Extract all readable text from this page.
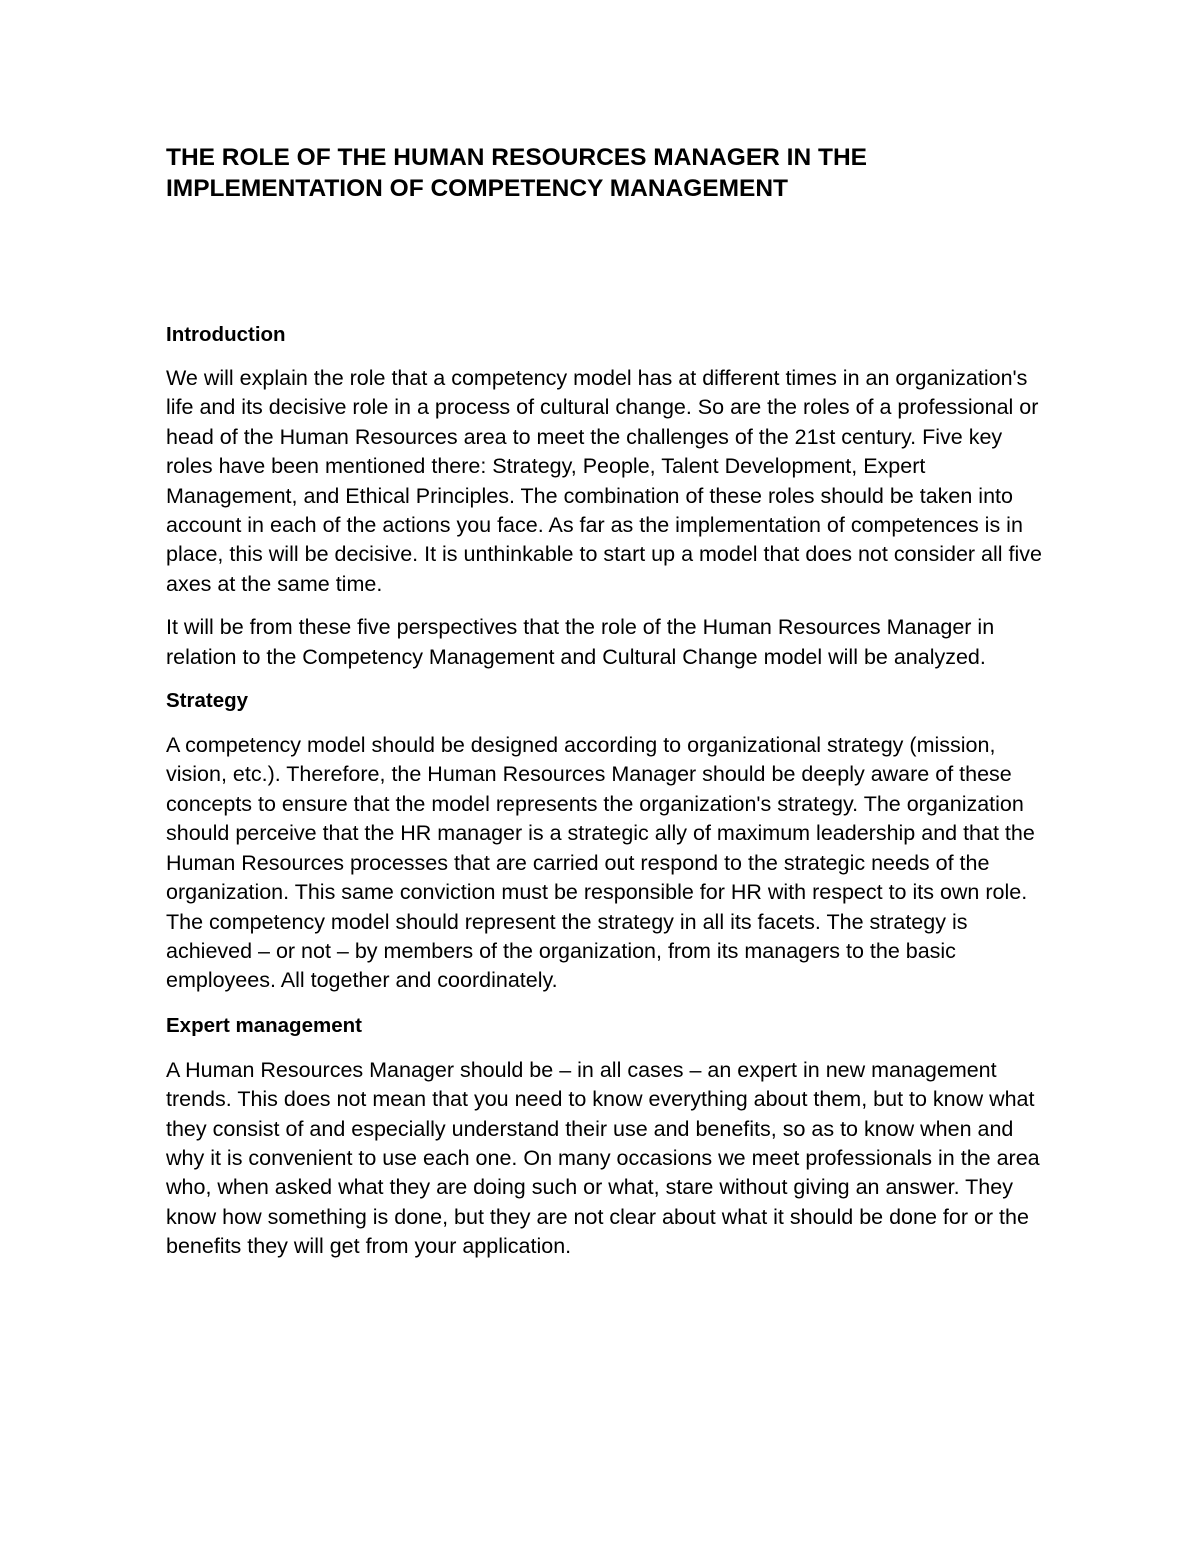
THE ROLE OF THE HUMAN RESOURCES MANAGER IN THE IMPLEMENTATION OF COMPETENCY MANAGEMENT
Introduction

We will explain the role that a competency model has at different times in an organization's life and its decisive role in a process of cultural change. So are the roles of a professional or head of the Human Resources area to meet the challenges of the 21st century. Five key roles have been mentioned there: Strategy, People, Talent Development, Expert Management, and Ethical Principles. The combination of these roles should be taken into account in each of the actions you face. As far as the implementation of competences is in place, this will be decisive. It is unthinkable to start up a model that does not consider all five axes at the same time.

It will be from these five perspectives that the role of the Human Resources Manager in relation to the Competency Management and Cultural Change model will be analyzed.

Strategy

A competency model should be designed according to organizational strategy (mission, vision, etc.). Therefore, the Human Resources Manager should be deeply aware of these concepts to ensure that the model represents the organization's strategy. The organization should perceive that the HR manager is a strategic ally of maximum leadership and that the Human Resources processes that are carried out respond to the strategic needs of the organization. This same conviction must be responsible for HR with respect to its own role. The competency model should represent the strategy in all its facets. The strategy is achieved – or not – by members of the organization, from its managers to the basic employees. All together and coordinately.

Expert management

A Human Resources Manager should be – in all cases – an expert in new management trends. This does not mean that you need to know everything about them, but to know what they consist of and especially understand their use and benefits, so as to know when and why it is convenient to use each one. On many occasions we meet professionals in the area who, when asked what they are doing such or what, stare without giving an answer. They know how something is done, but they are not clear about what it should be done for or the benefits they will get from your application.
